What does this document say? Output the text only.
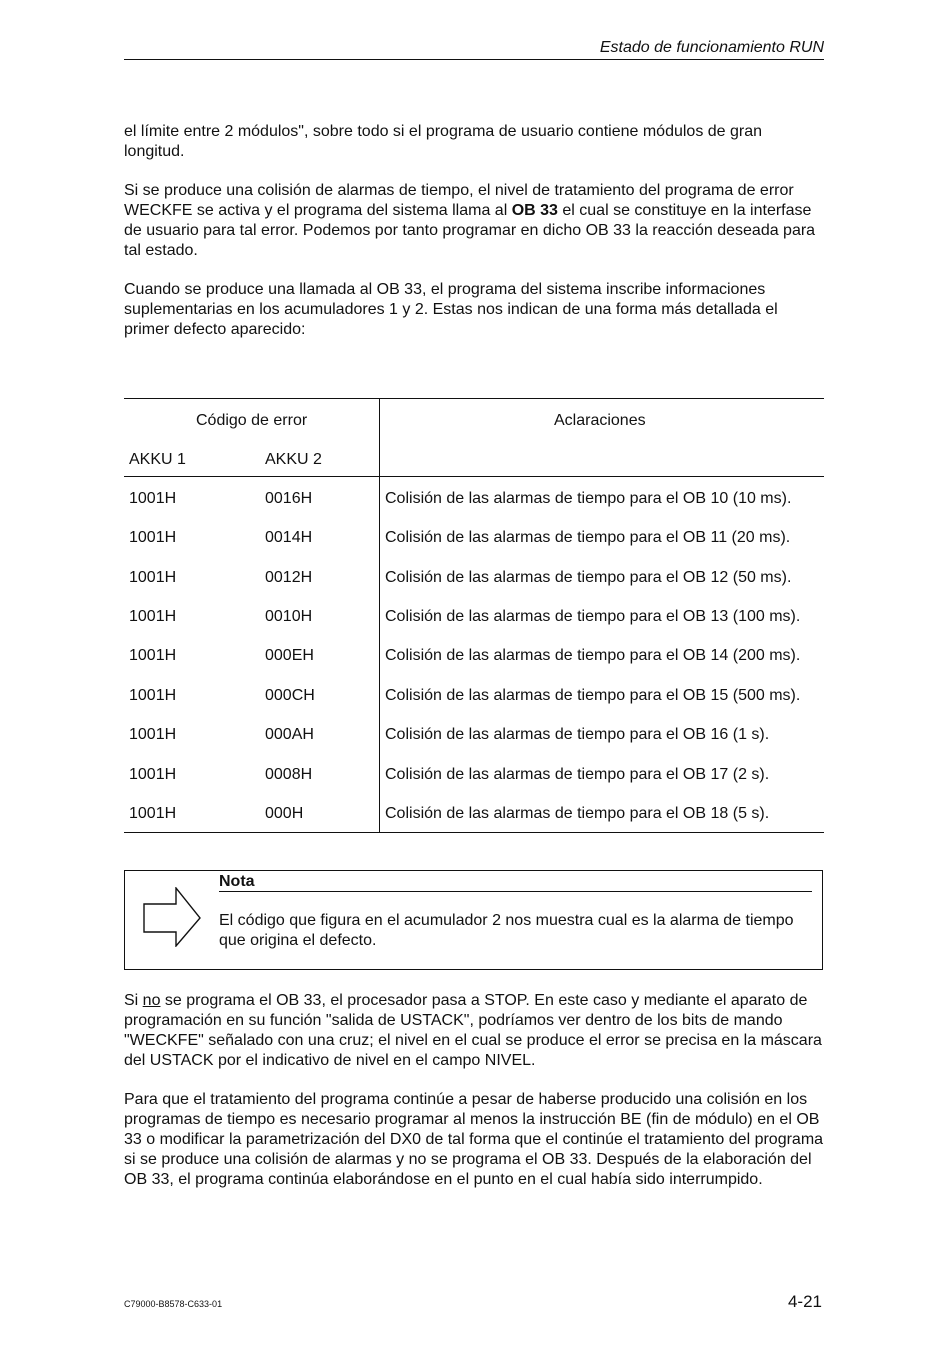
Estado de funcionamiento RUN

el límite entre 2 módulos", sobre todo si el programa de usuario contiene módulos de gran longitud.

Si se produce una colisión de alarmas de tiempo, el nivel de tratamiento del programa de error WECKFE se activa y el programa del sistema llama al OB 33 el cual se constituye en la interfase de usuario para tal error. Podemos por tanto programar en dicho OB 33 la reacción deseada para tal estado.

Cuando se produce una llamada al OB 33, el programa del sistema inscribe informaciones suplementarias en los acumuladores 1 y 2. Estas nos indican de una forma más detallada el primer defecto aparecido:

Código de error	Aclaraciones
AKKU 1	AKKU 2
1001H	0016H	Colisión de las alarmas de tiempo para el OB 10 (10 ms).
1001H	0014H	Colisión de las alarmas de tiempo para el OB 11 (20 ms).
1001H	0012H	Colisión de las alarmas de tiempo para el OB 12 (50 ms).
1001H	0010H	Colisión de las alarmas de tiempo para el OB 13 (100 ms).
1001H	000EH	Colisión de las alarmas de tiempo para el OB 14 (200 ms).
1001H	000CH	Colisión de las alarmas de tiempo para el OB 15 (500 ms).
1001H	000AH	Colisión de las alarmas de tiempo para el OB 16 (1 s).
1001H	0008H	Colisión de las alarmas de tiempo para el OB 17 (2 s).
1001H	000H	Colisión de las alarmas de tiempo para el OB 18 (5 s).
Nota
El código que figura en el acumulador 2 nos muestra cual es la alarma de tiempo que origina el defecto.

Si no se programa el OB 33, el procesador pasa a STOP. En este caso y mediante el aparato de programación en su función "salida de USTACK", podríamos ver dentro de los bits de mando "WECKFE" señalado con una cruz; el nivel en el cual se produce el error se precisa en la máscara del USTACK por el indicativo de nivel en el campo NIVEL.

Para que el tratamiento del programa continúe a pesar de haberse producido una colisión en los programas de tiempo es necesario programar al menos la instrucción BE (fin de módulo) en el OB 33 o modificar la parametrización del DX0 de tal forma que el continúe el tratamiento del programa si se produce una colisión de alarmas y no se programa el OB 33. Después de la elaboración del OB 33, el programa continúa elaborándose en el punto en el cual había sido interrumpido.

C79000-B8578-C633-01	4-21
